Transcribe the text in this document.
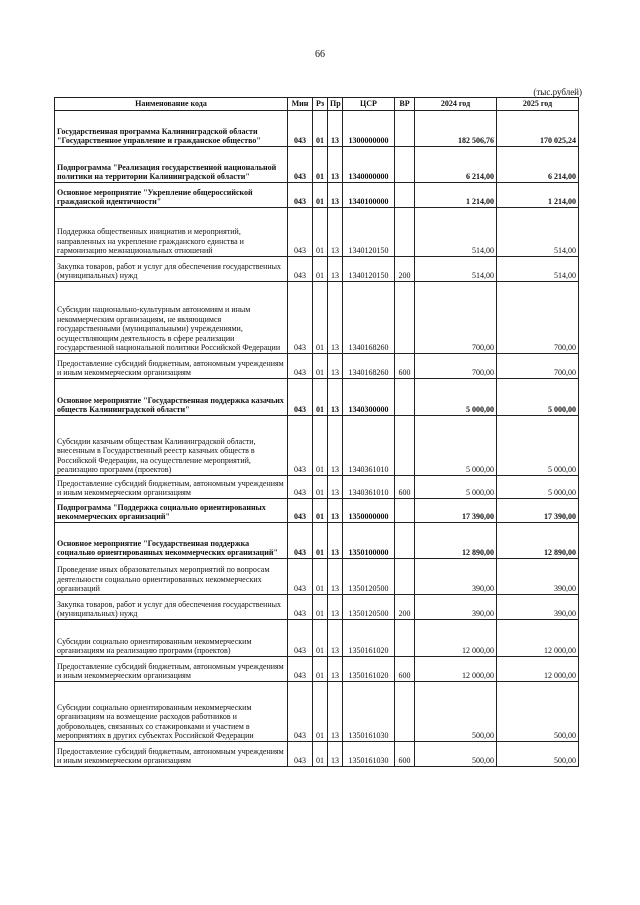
66
(тыс.рублей)
Наименование кода	Мин	Рз	Пр	ЦСР	ВР	2024 год	2025 год
Государственная программа Калининградской области "Государственное управление и гражданское общество"	043	01	13	1300000000		182 506,76	170 025,24
Подпрограмма "Реализация государственной национальной политики на территории Калининградской области"	043	01	13	1340000000		6 214,00	6 214,00
Основное мероприятие "Укрепление общероссийской гражданской идентичности"	043	01	13	1340100000		1 214,00	1 214,00
Поддержка общественных инициатив и мероприятий, направленных на укрепление гражданского единства и гармонизацию межнациональных отношений	043	01	13	1340120150		514,00	514,00
Закупка товаров, работ и услуг для обеспечения государственных (муниципальных) нужд	043	01	13	1340120150	200	514,00	514,00
Субсидии национально-культурным автономиям и иным некоммерческим организациям, не являющимся государственными (муниципальными) учреждениями, осуществляющим деятельность в сфере реализации государственной национальной политики Российской Федерации	043	01	13	1340168260		700,00	700,00
Предоставление субсидий бюджетным, автономным учреждениям и иным некоммерческим организациям	043	01	13	1340168260	600	700,00	700,00
Основное мероприятие "Государственная поддержка казачьих обществ Калининградской области"	043	01	13	1340300000		5 000,00	5 000,00
Субсидии казачьим обществам Калининградской области, внесенным в Государственный реестр казачьих обществ в Российской Федерации, на осуществление мероприятий, реализацию программ (проектов)	043	01	13	1340361010		5 000,00	5 000,00
Предоставление субсидий бюджетным, автономным учреждениям и иным некоммерческим организациям	043	01	13	1340361010	600	5 000,00	5 000,00
Подпрограмма "Поддержка социально ориентированных некоммерческих организаций"	043	01	13	1350000000		17 390,00	17 390,00
Основное мероприятие "Государственная поддержка социально ориентированных некоммерческих организаций"	043	01	13	1350100000		12 890,00	12 890,00
Проведение иных образовательных мероприятий по вопросам деятельности социально ориентированных некоммерческих организаций	043	01	13	1350120500		390,00	390,00
Закупка товаров, работ и услуг для обеспечения государственных (муниципальных) нужд	043	01	13	1350120500	200	390,00	390,00
Субсидии социально ориентированным некоммерческим организациям на реализацию программ (проектов)	043	01	13	1350161020		12 000,00	12 000,00
Предоставление субсидий бюджетным, автономным учреждениям и иным некоммерческим организациям	043	01	13	1350161020	600	12 000,00	12 000,00
Субсидии социально ориентированным некоммерческим организациям на возмещение расходов работников и добровольцев, связанных со стажировками и участием в мероприятиях в других субъектах Российской Федерации	043	01	13	1350161030		500,00	500,00
Предоставление субсидий бюджетным, автономным учреждениям и иным некоммерческим организациям	043	01	13	1350161030	600	500,00	500,00
